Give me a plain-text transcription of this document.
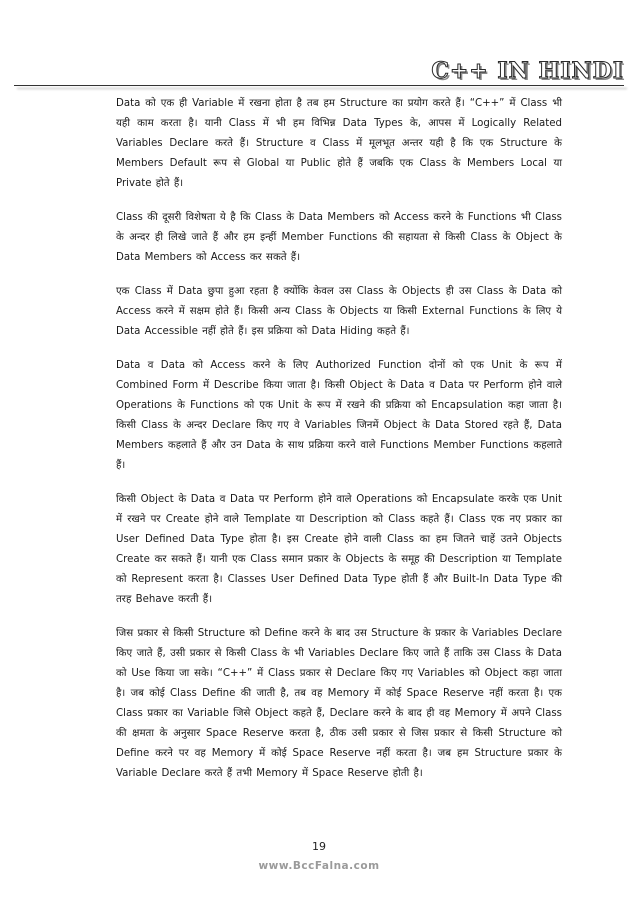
C++ IN HINDI

Data को एक ही Variable में रखना होता है तब हम Structure का प्रयोग करते हैं। “C++” में Class भी यही काम करता है। यानी Class में भी हम विभिन्न Data Types के, आपस में Logically Related Variables Declare करते हैं। Structure व Class में मूलभूत अन्तर यही है कि एक Structure के Members Default रूप से Global या Public होते हैं जबकि एक Class के Members Local या Private होते हैं।

Class की दूसरी विशेषता ये है कि Class के Data Members को Access करने के Functions भी Class के अन्दर ही लिखे जाते हैं और हम इन्हीं Member Functions की सहायता से किसी Class के Object के Data Members को Access कर सकते हैं।

एक Class में Data छुपा हुआ रहता है क्योंकि केवल उस Class के Objects ही उस Class के Data को Access करने में सक्षम होते हैं। किसी अन्य Class के Objects या किसी External Functions के लिए ये Data Accessible नहीं होते हैं। इस प्रक्रिया को Data Hiding कहते हैं।

Data व Data को Access करने के लिए Authorized Function दोनों को एक Unit के रूप में Combined Form में Describe किया जाता है। किसी Object के Data व Data पर Perform होने वाले Operations के Functions को एक Unit के रूप में रखने की प्रक्रिया को Encapsulation कहा जाता है। किसी Class के अन्दर Declare किए गए वे Variables जिनमें Object के Data Stored रहते हैं, Data Members कहलाते हैं और उन Data के साथ प्रक्रिया करने वाले Functions Member Functions कहलाते हैं।

किसी Object के Data व Data पर Perform होने वाले Operations को Encapsulate करके एक Unit में रखने पर Create होने वाले Template या Description को Class कहते हैं। Class एक नए प्रकार का User Defined Data Type होता है। इस Create होने वाली Class का हम जितने चाहें उतने Objects Create कर सकते हैं। यानी एक Class समान प्रकार के Objects के समूह की Description या Template को Represent करता है। Classes User Defined Data Type होती हैं और Built-In Data Type की तरह Behave करती हैं।

जिस प्रकार से किसी Structure को Define करने के बाद उस Structure के प्रकार के Variables Declare किए जाते हैं, उसी प्रकार से किसी Class के भी Variables Declare किए जाते हैं ताकि उस Class के Data को Use किया जा सके। “C++” में Class प्रकार से Declare किए गए Variables को Object कहा जाता है। जब कोई Class Define की जाती है, तब वह Memory में कोई Space Reserve नहीं करता है। एक Class प्रकार का Variable जिसे Object कहते हैं, Declare करने के बाद ही वह Memory में अपने Class की क्षमता के अनुसार Space Reserve करता है, ठीक उसी प्रकार से जिस प्रकार से किसी Structure को Define करने पर वह Memory में कोई Space Reserve नहीं करता है। जब हम Structure प्रकार के Variable Declare करते हैं तभी Memory में Space Reserve होती है।

19
www.BccFalna.com
